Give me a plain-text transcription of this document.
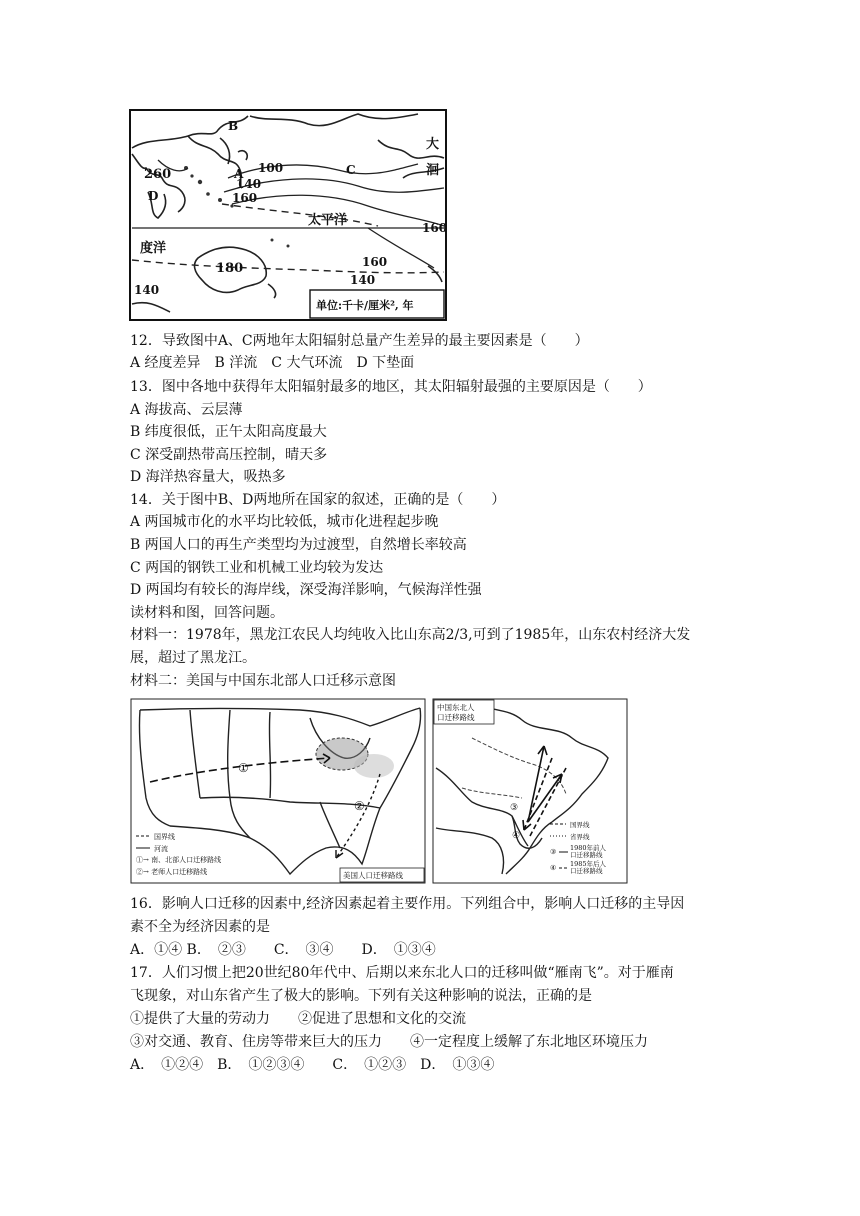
B
A	C
D
260	100
140
160
太平洋
度洋
180
160
140
160
140
大
洄
单位:千卡/厘米², 年
12．导致图中A、C两地年太阳辐射总量产生差异的最主要因素是（　　）
A 经度差异　B 洋流　C 大气环流　D 下垫面
13．图中各地中获得年太阳辐射最多的地区，其太阳辐射最强的主要原因是（　　）
A 海拔高、云层薄
B 纬度很低，正午太阳高度最大
C 深受副热带高压控制，晴天多
D 海洋热容量大，吸热多
14．关于图中B、D两地所在国家的叙述，正确的是（　　）
A 两国城市化的水平均比较低，城市化进程起步晚
B 两国人口的再生产类型均为过渡型，自然增长率较高
C 两国的钢铁工业和机械工业均较为发达
D 两国均有较长的海岸线，深受海洋影响，气候海洋性强
读材料和图，回答问题。
材料一：1978年，黑龙江农民人均纯收入比山东高2/3,可到了1985年，山东农村经济大发
展，超过了黑龙江。
材料二：美国与中国东北部人口迁移示意图
①
②
国界线
河流
①→ 南、北部人口迁移路线
②→ 老师人口迁移路线	美国人口迁移路线
中国东北人
口迁移路线
③
④
国界线
省界线
③ 1980年前人
口迁移路线
④ 1985年后人
口迁移路线
16．影响人口迁移的因素中,经济因素起着主要作用。下列组合中，影响人口迁移的主导因
素不全为经济因素的是
A．①④ B．　②③　　C．　③④　　D．　①③④
17．人们习惯上把20世纪80年代中、后期以来东北人口的迁移叫做“雁南飞”。对于雁南
飞现象，对山东省产生了极大的影响。下列有关这种影响的说法，正确的是
①提供了大量的劳动力　　②促进了思想和文化的交流
③对交通、教育、住房等带来巨大的压力　　④一定程度上缓解了东北地区环境压力
A．　①②④　B．　①②③④　　C．　①②③　D．　①③④
